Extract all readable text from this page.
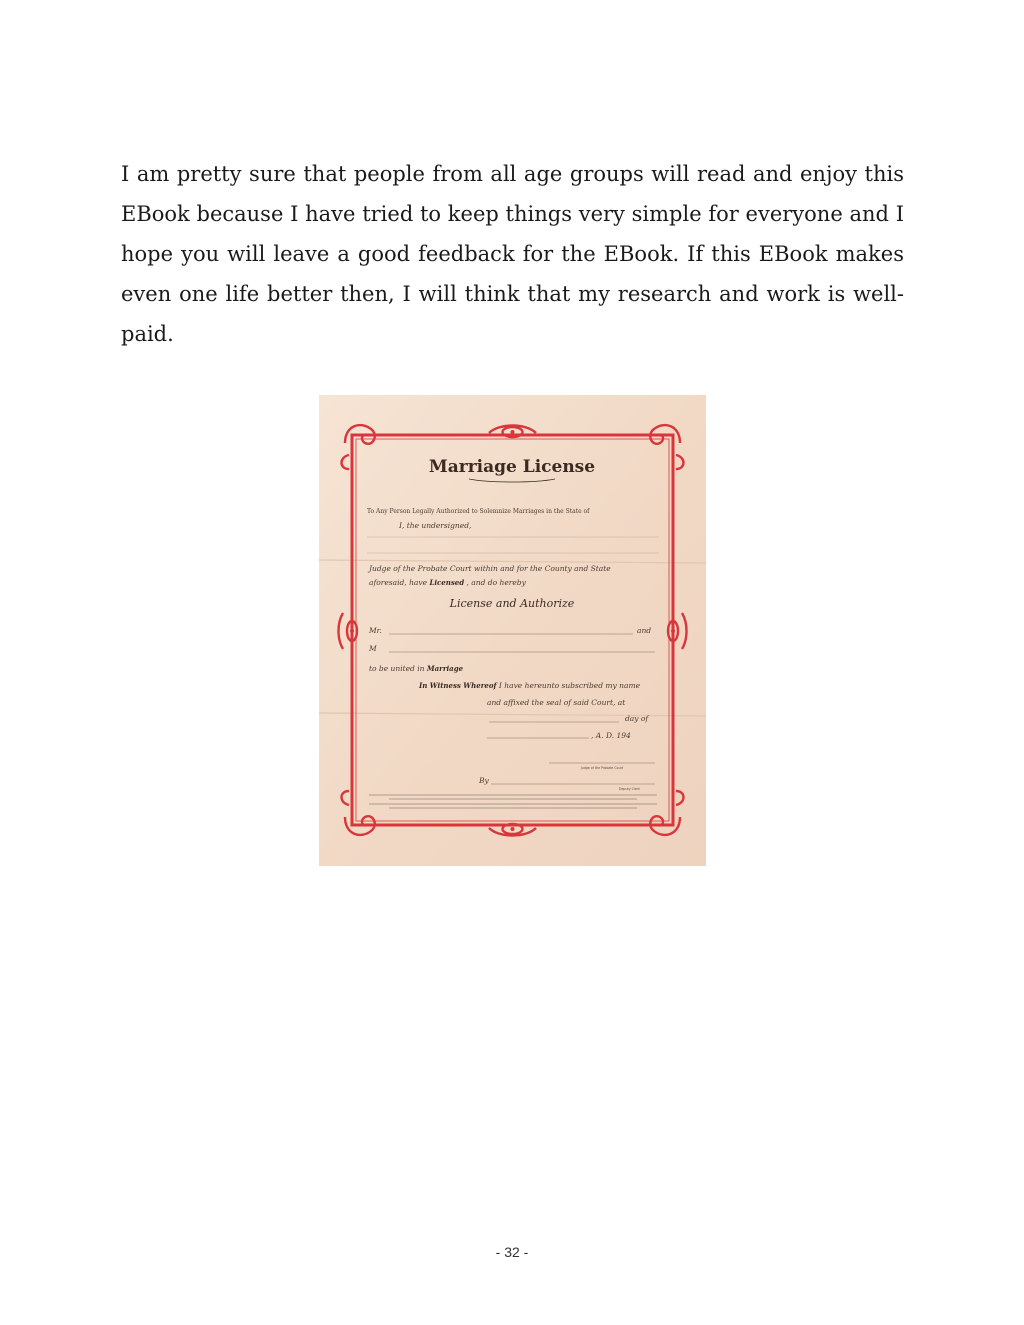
I am pretty sure that people from all age groups will read and enjoy this EBook because I have tried to keep things very simple for everyone and I hope you will leave a good feedback for the EBook. If this EBook makes even one life better then, I will think that my research and work is well-paid.

Marriage License
To Any Person Legally Authorized to Solemnize Marriages in the State of
I, the undersigned,
Judge of the Probate Court within and for the County and State
aforesaid, have Licensed , and do hereby
License and Authorize
Mr.	and
M
to be united in Marriage
In Witness Whereof I have hereunto subscribed my name
and affixed the seal of said Court, at
day of
, A. D. 194
Judge of the Probate Court
By
Deputy Clerk
- 32 -
